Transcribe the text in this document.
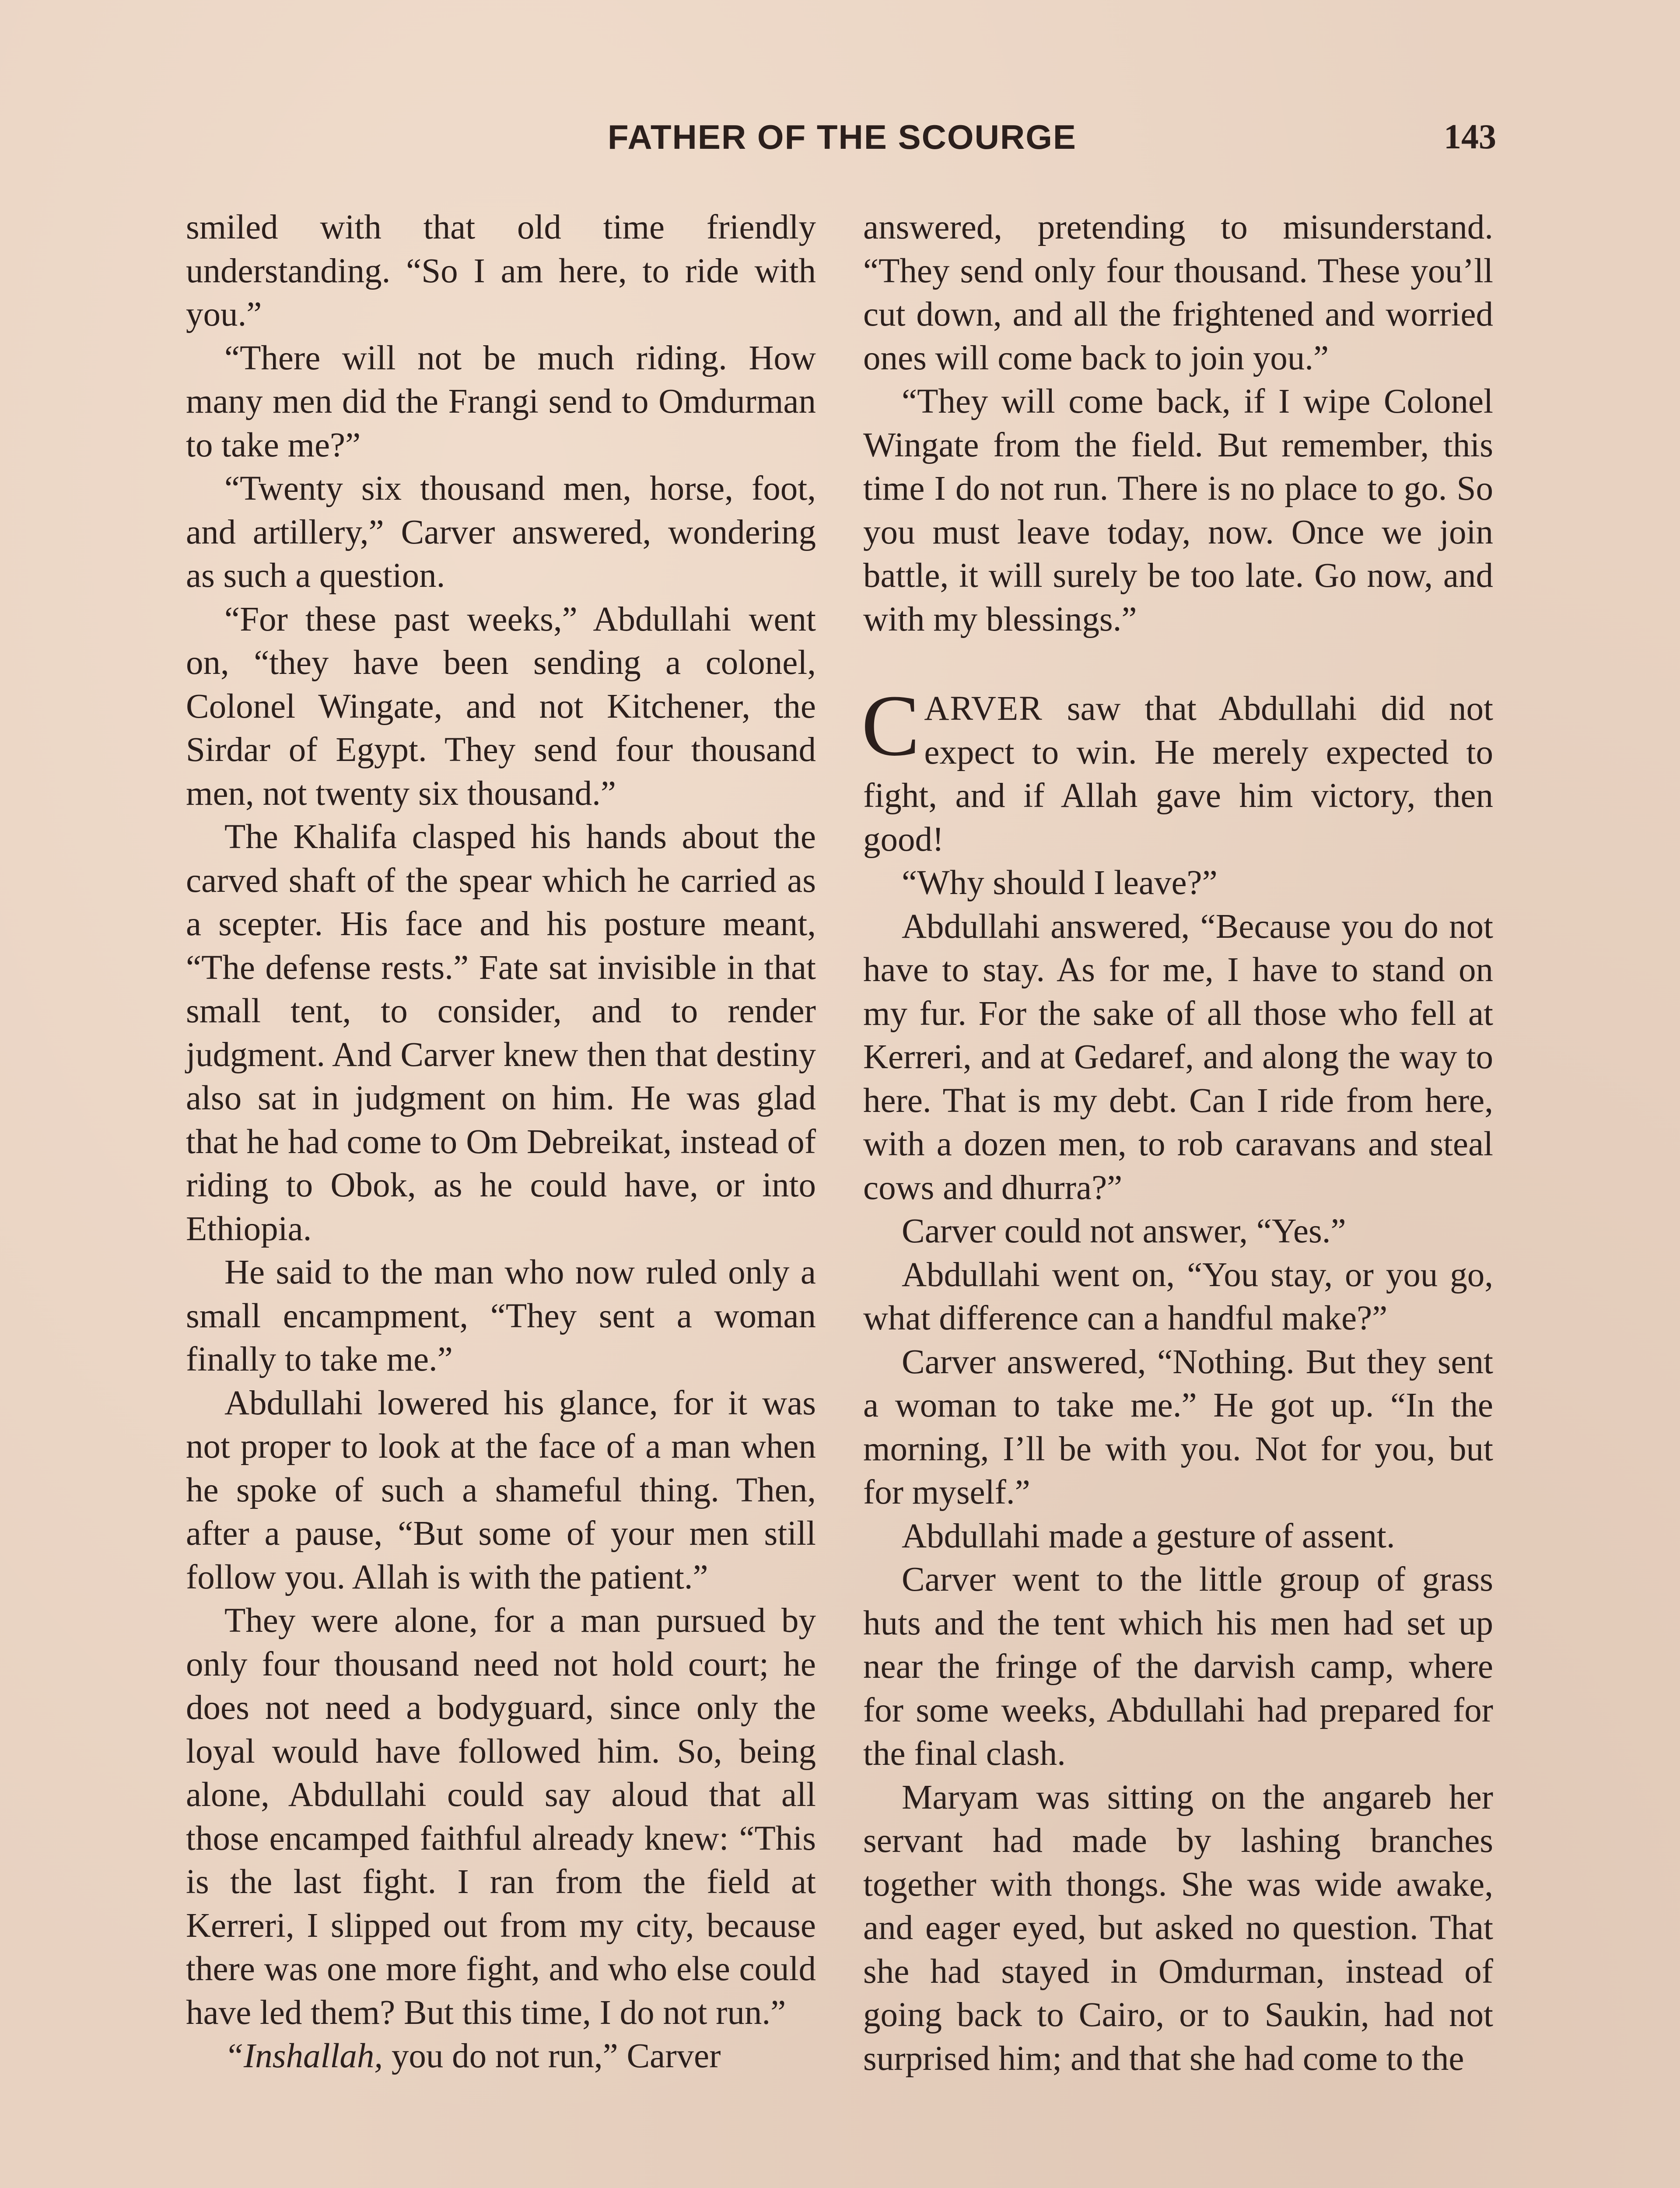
FATHER OF THE SCOURGE	143

smiled with that old time friendly understanding. “So I am here, to ride with you.”

“There will not be much riding. How many men did the Frangi send to Omdurman to take me?”

“Twenty six thousand men, horse, foot, and artillery,” Carver answered, wondering as such a question.

“For these past weeks,” Abdullahi went on, “they have been sending a colonel, Colonel Wingate, and not Kitchener, the Sirdar of Egypt. They send four thousand men, not twenty six thousand.”

The Khalifa clasped his hands about the carved shaft of the spear which he carried as a scepter. His face and his posture meant, “The defense rests.” Fate sat invisible in that small tent, to consider, and to render judgment. And Carver knew then that destiny also sat in judgment on him. He was glad that he had come to Om Debreikat, instead of riding to Obok, as he could have, or into Ethiopia.

He said to the man who now ruled only a small encampment, “They sent a woman finally to take me.”

Abdullahi lowered his glance, for it was not proper to look at the face of a man when he spoke of such a shameful thing. Then, after a pause, “But some of your men still follow you. Allah is with the patient.”

They were alone, for a man pursued by only four thousand need not hold court; he does not need a bodyguard, since only the loyal would have followed him. So, being alone, Abdullahi could say aloud that all those encamped faithful already knew: “This is the last fight. I ran from the field at Kerreri, I slipped out from my city, because there was one more fight, and who else could have led them? But this time, I do not run.”

“Inshallah, you do not run,” Carver

answered, pretending to misunderstand. “They send only four thousand. These you’ll cut down, and all the frightened and worried ones will come back to join you.”

“They will come back, if I wipe Colonel Wingate from the field. But remember, this time I do not run. There is no place to go. So you must leave today, now. Once we join battle, it will surely be too late. Go now, and with my blessings.”

CARVER saw that Abdullahi did not expect to win. He merely expected to fight, and if Allah gave him victory, then good!

“Why should I leave?”

Abdullahi answered, “Because you do not have to stay. As for me, I have to stand on my fur. For the sake of all those who fell at Kerreri, and at Gedaref, and along the way to here. That is my debt. Can I ride from here, with a dozen men, to rob caravans and steal cows and dhurra?”

Carver could not answer, “Yes.”

Abdullahi went on, “You stay, or you go, what difference can a handful make?”

Carver answered, “Nothing. But they sent a woman to take me.” He got up. “In the morning, I’ll be with you. Not for you, but for myself.”

Abdullahi made a gesture of assent.

Carver went to the little group of grass huts and the tent which his men had set up near the fringe of the darvish camp, where for some weeks, Abdullahi had prepared for the final clash.

Maryam was sitting on the angareb her servant had made by lashing branches together with thongs. She was wide awake, and eager eyed, but asked no question. That she had stayed in Omdurman, instead of going back to Cairo, or to Saukin, had not surprised him; and that she had come to the
